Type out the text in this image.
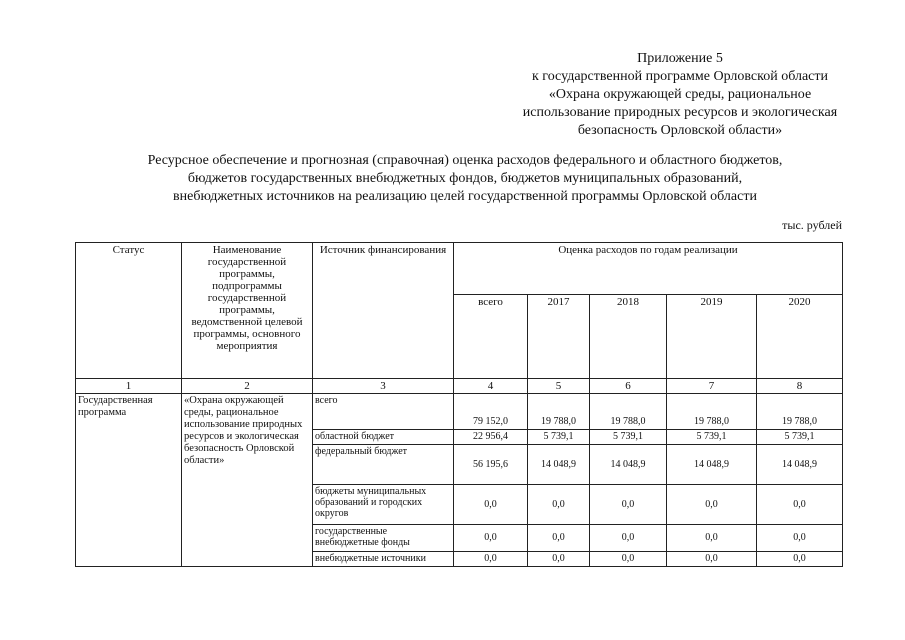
Приложение 5
к государственной программе Орловской области
«Охрана окружающей среды, рациональное
использование природных ресурсов и экологическая
безопасность Орловской области»
Ресурсное обеспечение и прогнозная (справочная) оценка расходов федерального и областного бюджетов,
бюджетов государственных внебюджетных фондов, бюджетов муниципальных образований,
внебюджетных источников на реализацию целей государственной программы Орловской области
тыс. рублей
Статус	Наименование государственной программы, подпрограммы государственной программы, ведомственной целевой программы, основного мероприятия	Источник финансирования	Оценка расходов по годам реализации				
			всего	2017	2018	2019	2020
1	2	3	4	5	6	7	8
Государственная программа	«Охрана окружающей среды, рациональное использование природных ресурсов и экологическая безопасность Орловской области»	всего	79 152,0	19 788,0	19 788,0	19 788,0	19 788,0
		областной бюджет	22 956,4	5 739,1	5 739,1	5 739,1	5 739,1
		федеральный бюджет	56 195,6	14 048,9	14 048,9	14 048,9	14 048,9
		бюджеты муниципальных образований и городских округов	0,0	0,0	0,0	0,0	0,0
		государственные внебюджетные фонды	0,0	0,0	0,0	0,0	0,0
		внебюджетные источники	0,0	0,0	0,0	0,0	0,0
